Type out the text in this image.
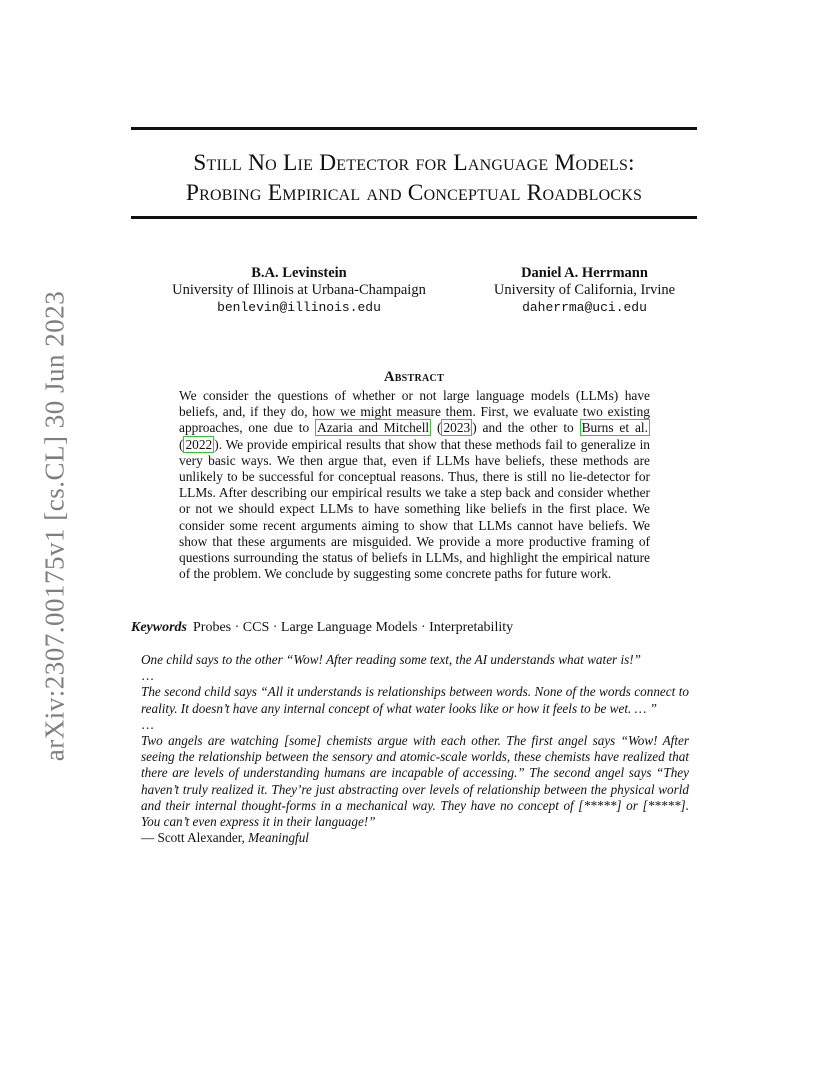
arXiv:2307.00175v1 [cs.CL] 30 Jun 2023
Still No Lie Detector for Language Models:
Probing Empirical and Conceptual Roadblocks
B.A. Levinstein
University of Illinois at Urbana-Champaign
benlevin@illinois.edu
Daniel A. Herrmann
University of California, Irvine
daherrma@uci.edu
Abstract
We consider the questions of whether or not large language models (LLMs) have beliefs, and, if they do, how we might measure them. First, we evaluate two existing approaches, one due to Azaria and Mitchell ( 2023 ) and the other to Burns et al. ( 2022 ). We provide empirical results that show that these methods fail to generalize in very basic ways. We then argue that, even if LLMs have beliefs, these methods are unlikely to be successful for conceptual reasons. Thus, there is still no lie-detector for LLMs. After describing our empirical results we take a step back and consider whether or not we should expect LLMs to have something like beliefs in the first place. We consider some recent arguments aiming to show that LLMs cannot have beliefs. We show that these arguments are misguided. We provide a more productive framing of questions surrounding the status of beliefs in LLMs, and highlight the empirical nature of the problem. We conclude by suggesting some concrete paths for future work.
Keywords Probes · CCS · Large Language Models · Interpretability

One child says to the other “Wow! After reading some text, the AI understands what water is!”

…

The second child says “All it understands is relationships between words. None of the words connect to reality. It doesn’t have any internal concept of what water looks like or how it feels to be wet. … ”

…

Two angels are watching [some] chemists argue with each other. The first angel says “Wow! After seeing the relationship between the sensory and atomic-scale worlds, these chemists have realized that there are levels of understanding humans are incapable of accessing.” The second angel says “They haven’t truly realized it. They’re just abstracting over levels of relationship between the physical world and their internal thought-forms in a mechanical way. They have no concept of [*****] or [*****]. You can’t even express it in their language!”

— Scott Alexander, Meaningful
